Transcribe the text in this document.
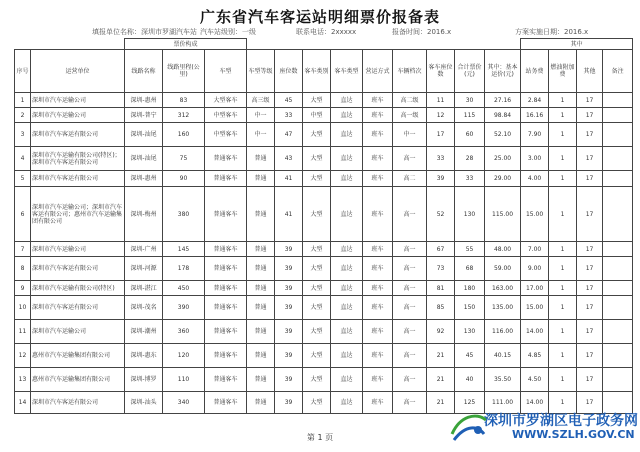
广东省汽车客运站明细票价报备表
填报单位名称：深圳市罗湖汽车站 汽车站级别：一级	联系电话：2xxxxx	报备时间：2016.x	方案实施日期：2016.x
		票价构成												其中			
序号	运营单位	线路名称	线路里程(公里)	车型	车型等级	座位数	客车类别	客车类型	营运方式	车辆档次	客车座位数	合计票价(元)	其中：基本运价(元)	站务费	燃油附加费	其他	备注
1	深圳市汽车运输公司	深圳-惠州	83	大型客车	高三级	45	大型	直达	班车	高二级	11	30	27.16	2.84	1	17	
2	深圳市汽车运输公司	深圳-普宁	312	中型客车	中一	33	中型	直达	班车	高一级	12	115	98.84	16.16	1	17	
3	深圳市汽车客运有限公司	深圳-汕尾	160	中型客车	中一	47	大型	直达	班车	中一	17	60	52.10	7.90	1	17	
4	深圳市汽车运输有限公司(特区)；深圳市汽车客运有限公司	深圳-汕尾	75	普通客车	普通	43	大型	直达	班车	高一	33	28	25.00	3.00	1	17	
5	深圳市汽车客运有限公司	深圳-惠州	90	普通客车	普通	41	大型	直达	班车	高二	39	33	29.00	4.00	1	17	
6	深圳市汽车运输公司；深圳市汽车客运有限公司；惠州市汽车运输集团有限公司	深圳-梅州	380	普通客车	普通	41	大型	直达	班车	高一	52	130	115.00	15.00	1	17	
7	深圳市汽车运输公司	深圳-广州	145	普通客车	普通	39	大型	直达	班车	高一	67	55	48.00	7.00	1	17	
8	深圳市汽车客运有限公司	深圳-河源	178	普通客车	普通	39	大型	直达	班车	高一	73	68	59.00	9.00	1	17	
9	深圳市汽车运输有限公司(特区)	深圳-湛江	450	普通客车	普通	39	大型	直达	班车	高一	81	180	163.00	17.00	1	17	
10	深圳市汽车客运有限公司	深圳-茂名	390	普通客车	普通	39	大型	直达	班车	高一	85	150	135.00	15.00	1	17	
11	深圳市汽车运输公司	深圳-潮州	360	普通客车	普通	39	大型	直达	班车	高一	92	130	116.00	14.00	1	17	
12	惠州市汽车运输集团有限公司	深圳-惠东	120	普通客车	普通	39	大型	直达	班车	高一	21	45	40.15	4.85	1	17	
13	惠州市汽车运输集团有限公司	深圳-博罗	110	普通客车	普通	39	大型	直达	班车	高一	21	40	35.50	4.50	1	17	
14	深圳市汽车客运有限公司	深圳-汕头	340	普通客车	普通	39	大型	直达	班车	高一	21	125	111.00	14.00	1	17	
第 1 页
深圳市罗湖区电子政务网
WWW.SZLH.GOV.CN
